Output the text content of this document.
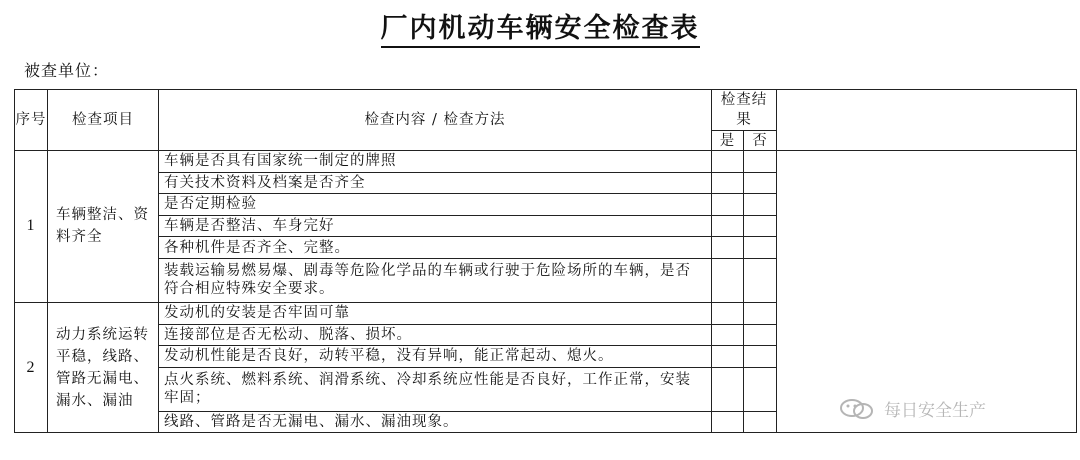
厂内机动车辆安全检查表
被查单位：
序号	检查项目	检查内容 / 检查方法	检查结果		

			是	否	
1	车辆整洁、资料齐全	车辆是否具有国家统一制定的牌照			
		有关技术资料及档案是否齐全			
		是否定期检验			
		车辆是否整洁、车身完好			
		各种机件是否齐全、完整。			
		装载运输易燃易爆、剧毒等危险化学品的车辆或行驶于危险场所的车辆，是否符合相应特殊安全要求。			
2	动力系统运转平稳，线路、管路无漏电、漏水、漏油	发动机的安装是否牢固可靠			
		连接部位是否无松动、脱落、损坏。			
		发动机性能是否良好，动转平稳，没有异响，能正常起动、熄火。			
		点火系统、燃料系统、润滑系统、冷却系统应性能是否良好，工作正常，安装牢固；			
		线路、管路是否无漏电、漏水、漏油现象。			
每日安全生产
